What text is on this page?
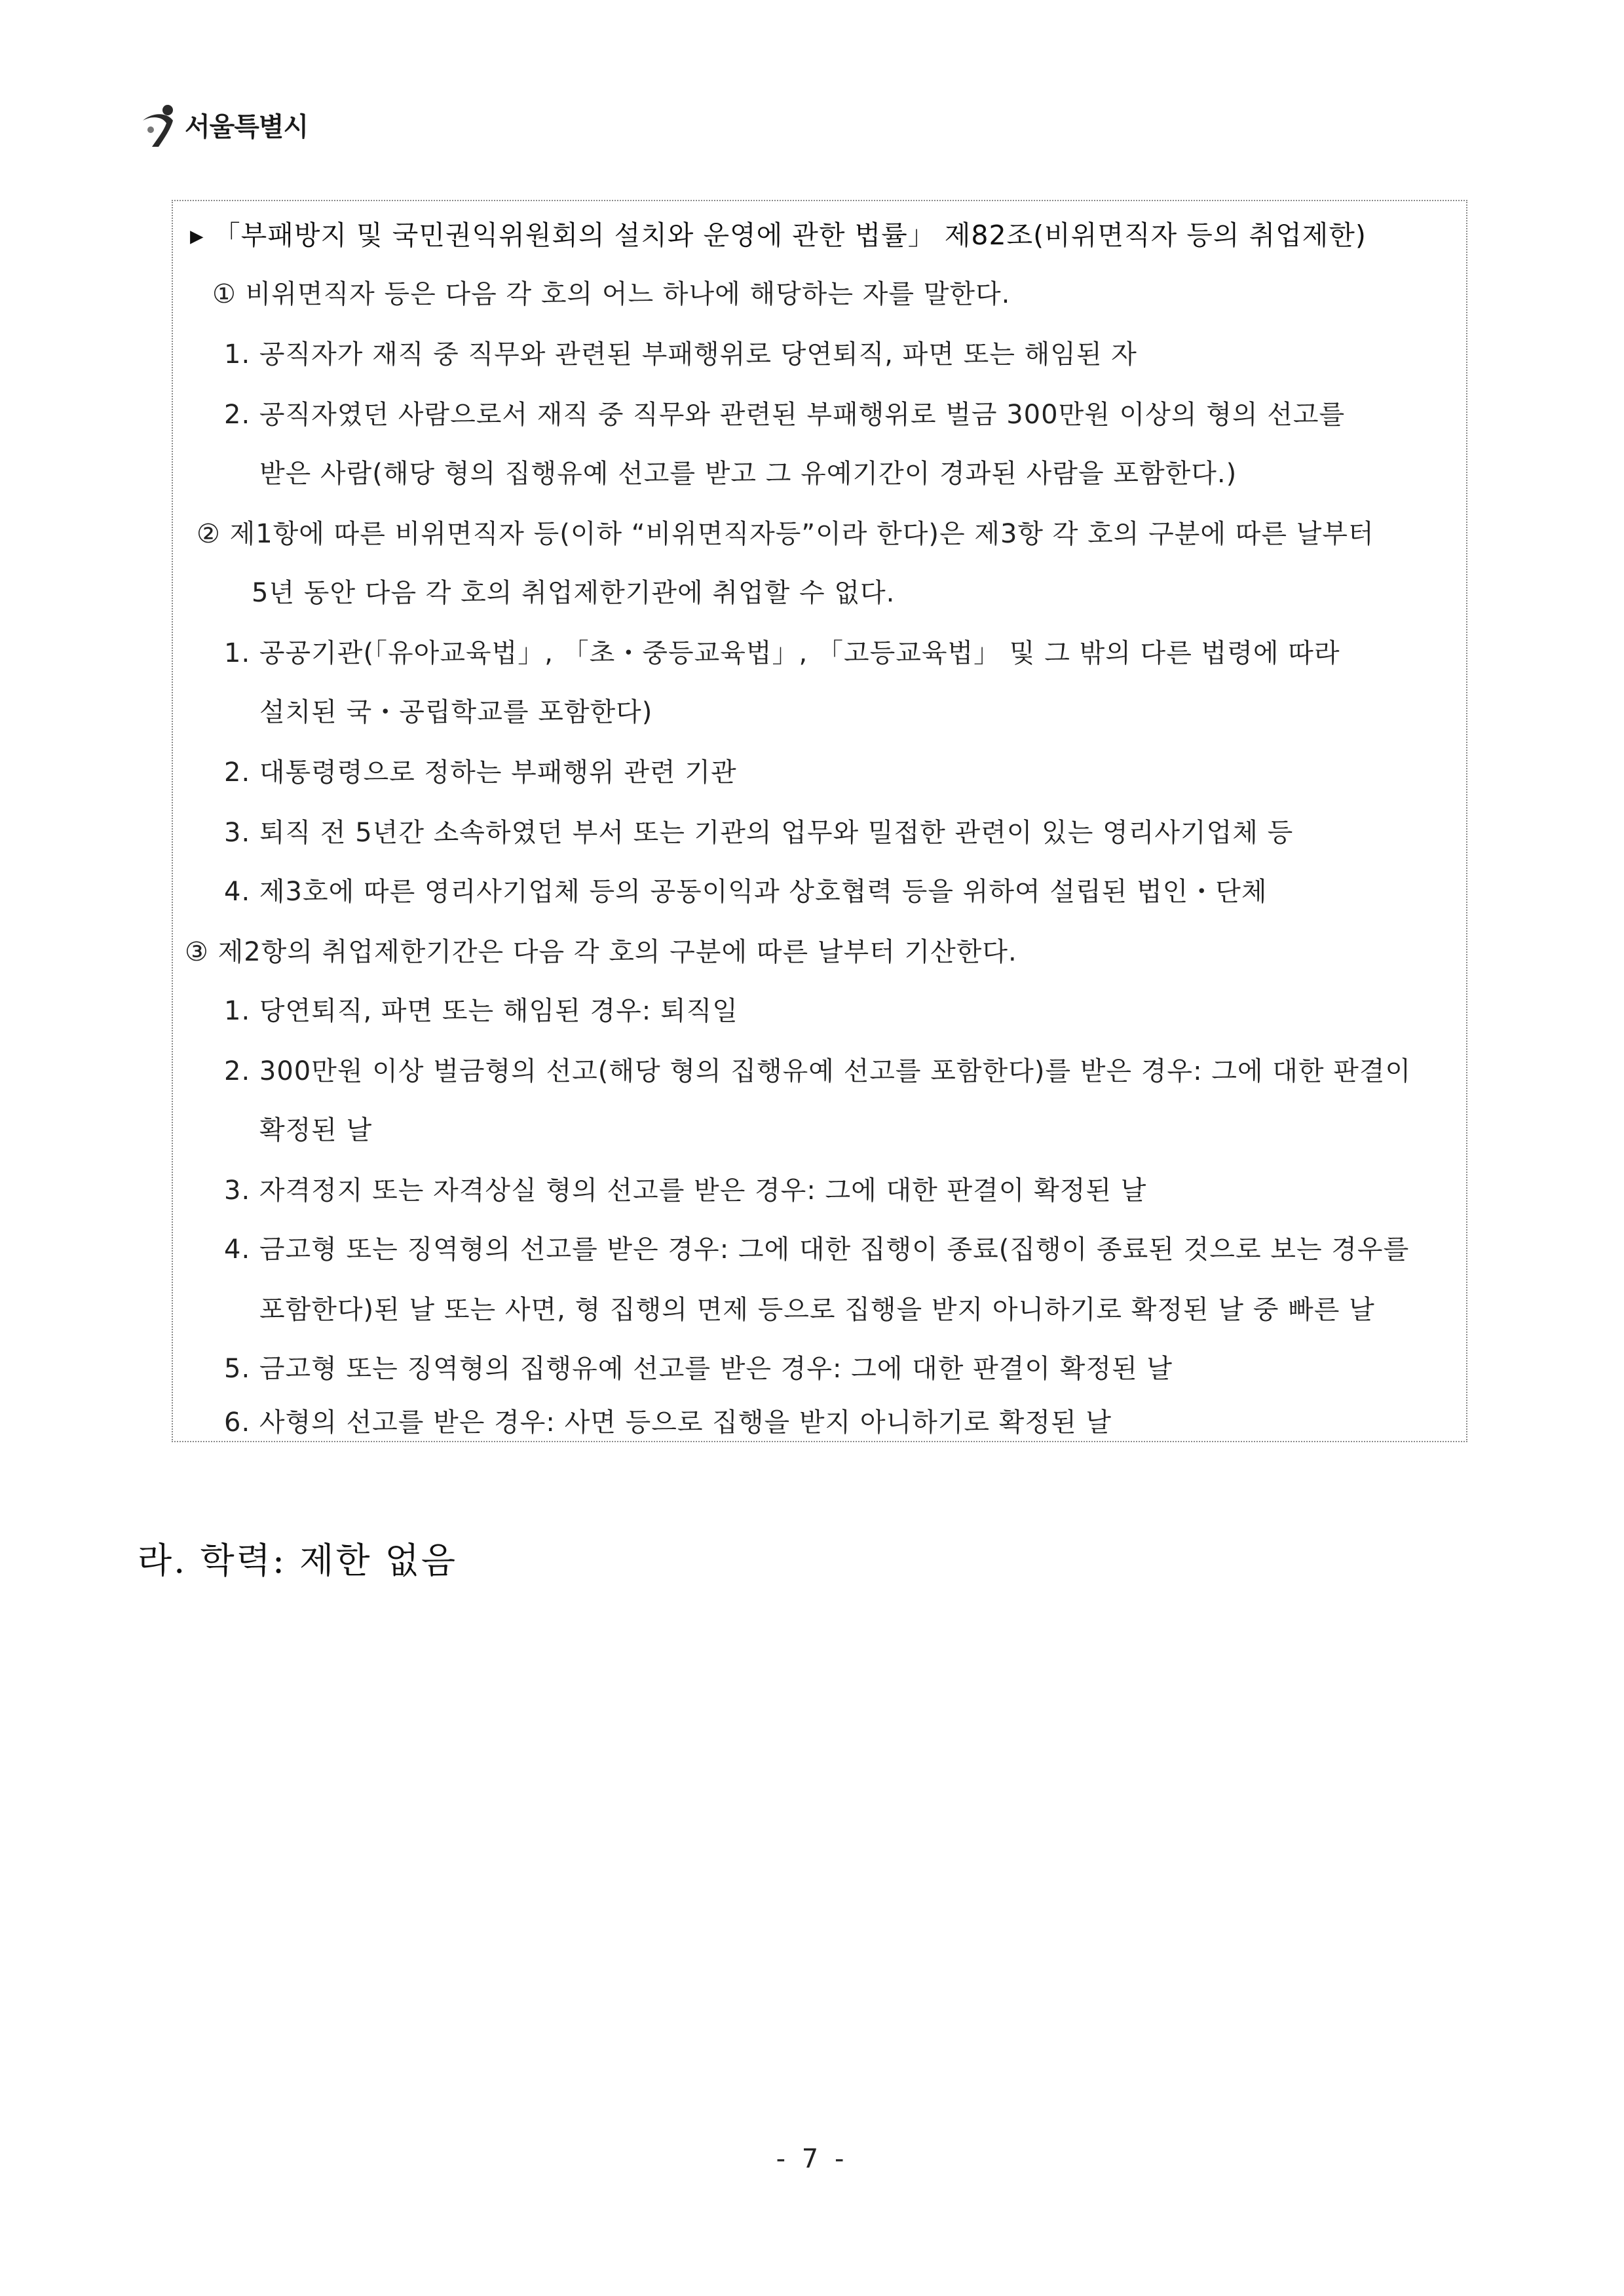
서울특별시
▸ 「부패방지 및 국민권익위원회의 설치와 운영에 관한 법률」 제82조(비위면직자 등의 취업제한)
① 비위면직자 등은 다음 각 호의 어느 하나에 해당하는 자를 말한다.
1. 공직자가 재직 중 직무와 관련된 부패행위로 당연퇴직, 파면 또는 해임된 자
2. 공직자였던 사람으로서 재직 중 직무와 관련된 부패행위로 벌금 300만원 이상의 형의 선고를
받은 사람(해당 형의 집행유예 선고를 받고 그 유예기간이 경과된 사람을 포함한다.)
② 제1항에 따른 비위면직자 등(이하 “비위면직자등”이라 한다)은 제3항 각 호의 구분에 따른 날부터
5년 동안 다음 각 호의 취업제한기관에 취업할 수 없다.
1. 공공기관(「유아교육법」, 「초・중등교육법」, 「고등교육법」 및 그 밖의 다른 법령에 따라
설치된 국・공립학교를 포함한다)
2. 대통령령으로 정하는 부패행위 관련 기관
3. 퇴직 전 5년간 소속하였던 부서 또는 기관의 업무와 밀접한 관련이 있는 영리사기업체 등
4. 제3호에 따른 영리사기업체 등의 공동이익과 상호협력 등을 위하여 설립된 법인・단체
③ 제2항의 취업제한기간은 다음 각 호의 구분에 따른 날부터 기산한다.
1. 당연퇴직, 파면 또는 해임된 경우: 퇴직일
2. 300만원 이상 벌금형의 선고(해당 형의 집행유예 선고를 포함한다)를 받은 경우: 그에 대한 판결이
확정된 날
3. 자격정지 또는 자격상실 형의 선고를 받은 경우: 그에 대한 판결이 확정된 날
4. 금고형 또는 징역형의 선고를 받은 경우: 그에 대한 집행이 종료(집행이 종료된 것으로 보는 경우를
포함한다)된 날 또는 사면, 형 집행의 면제 등으로 집행을 받지 아니하기로 확정된 날 중 빠른 날
5. 금고형 또는 징역형의 집행유예 선고를 받은 경우: 그에 대한 판결이 확정된 날
6. 사형의 선고를 받은 경우: 사면 등으로 집행을 받지 아니하기로 확정된 날
라. 학력: 제한 없음
- 7 -
